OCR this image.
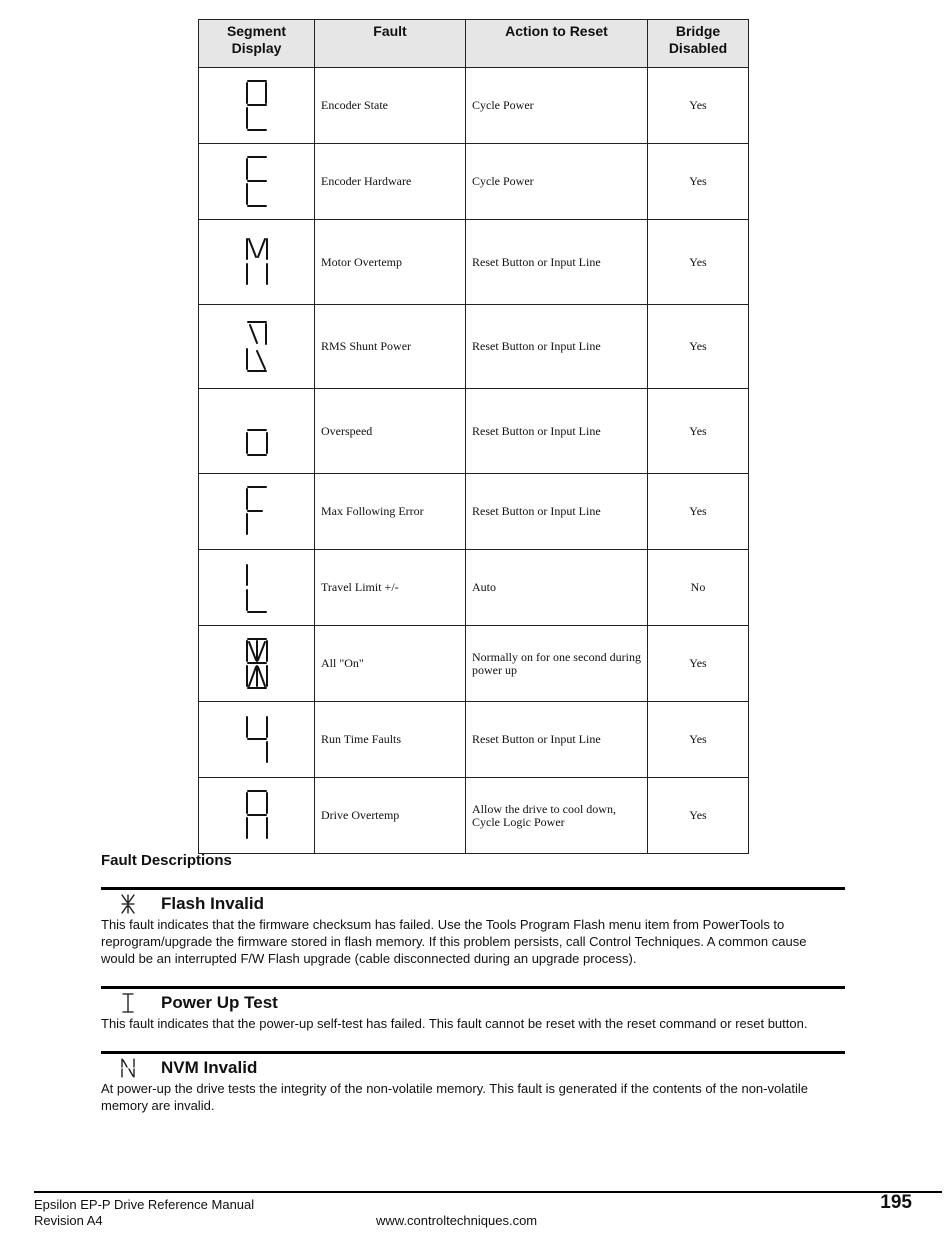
Segment Display	Fault	Action to Reset	Bridge Disabled
	Encoder State	Cycle Power	Yes
	Encoder Hardware	Cycle Power	Yes
	Motor Overtemp	Reset Button or Input Line	Yes
	RMS Shunt Power	Reset Button or Input Line	Yes
	Overspeed	Reset Button or Input Line	Yes
	Max Following Error	Reset Button or Input Line	Yes
	Travel Limit +/-	Auto	No
	All "On"	Normally on for one second during power up	Yes
	Run Time Faults	Reset Button or Input Line	Yes
	Drive Overtemp	Allow the drive to cool down, Cycle Logic Power	Yes
Fault Descriptions
Flash Invalid

This fault indicates that the firmware checksum has failed. Use the Tools Program Flash menu item from PowerTools to reprogram/upgrade the firmware stored in flash memory. If this problem persists, call Control Techniques. A common cause would be an interrupted F/W Flash upgrade (cable disconnected during an upgrade process).

Power Up Test

This fault indicates that the power-up self-test has failed. This fault cannot be reset with the reset command or reset button.

NVM Invalid

At power-up the drive tests the integrity of the non-volatile memory. This fault is generated if the contents of the non-volatile memory are invalid.

Epsilon EP-P Drive Reference Manual
Revision A4	www.controltechniques.com
195
